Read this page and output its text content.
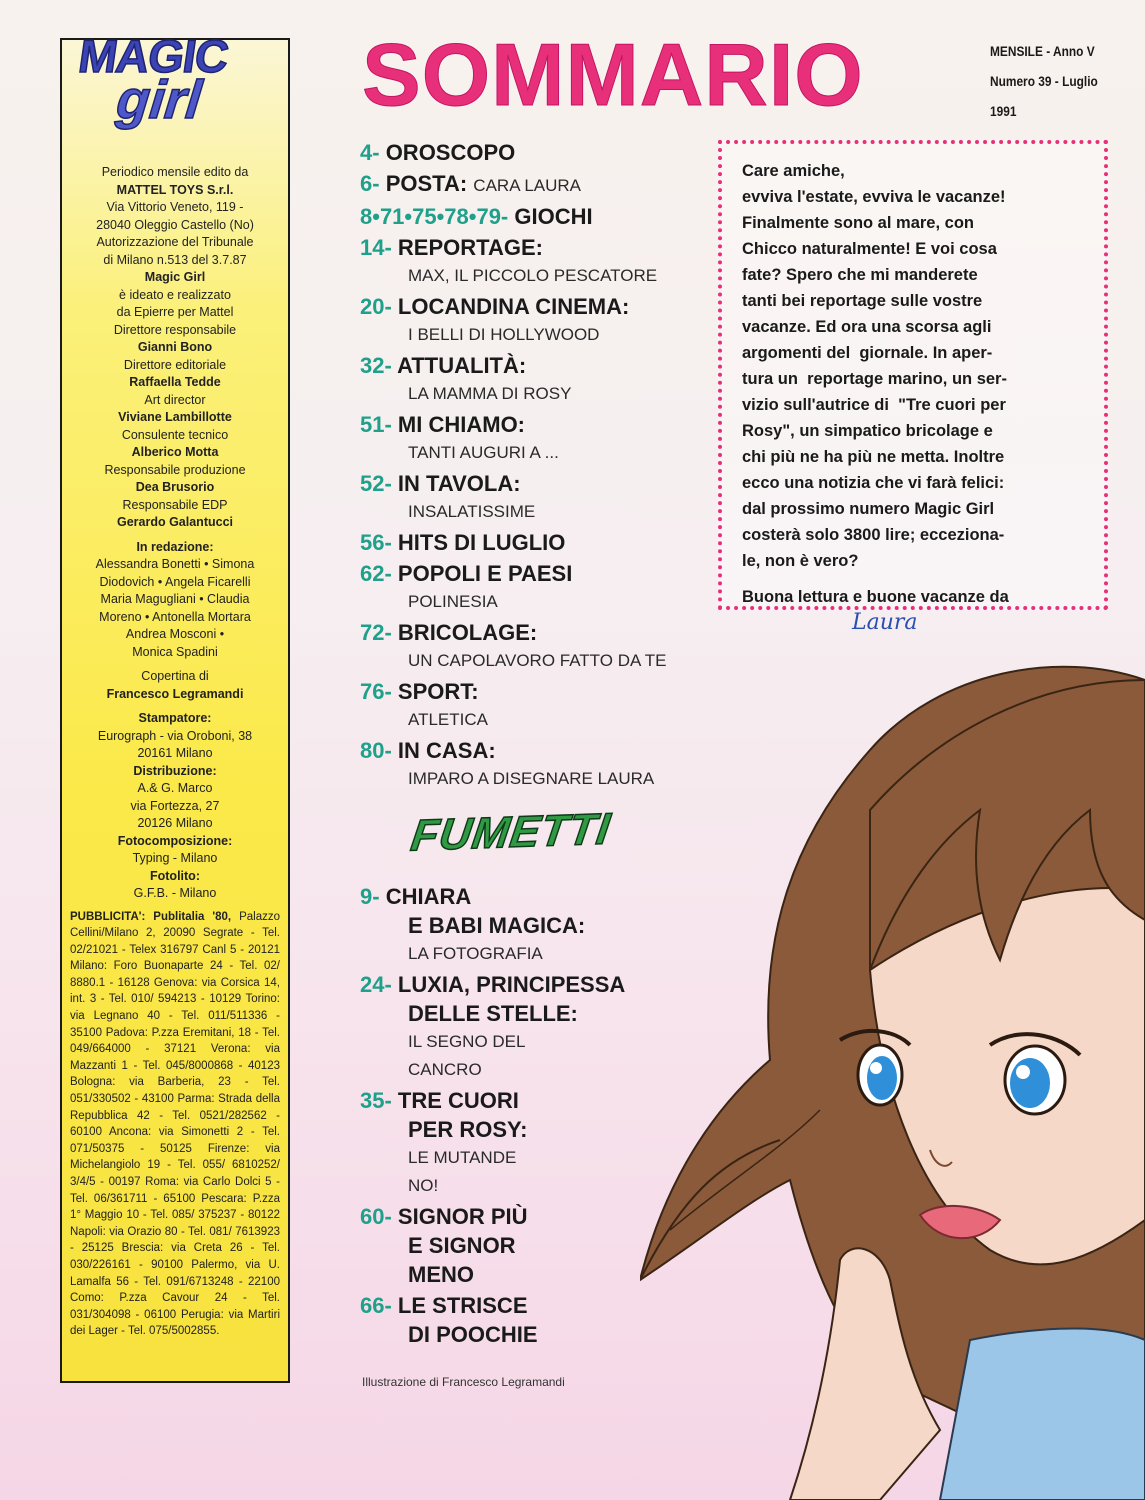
MAGIC
girl
Periodico mensile edito da
MATTEL TOYS S.r.l.
Via Vittorio Veneto, 119 -
28040 Oleggio Castello (No)
Autorizzazione del Tribunale
di Milano n.513 del 3.7.87
Magic Girl
è ideato e realizzato
da Epierre per Mattel
Direttore responsabile
Gianni Bono
Direttore editoriale
Raffaella Tedde
Art director
Viviane Lambillotte
Consulente tecnico
Alberico Motta
Responsabile produzione
Dea Brusorio
Responsabile EDP
Gerardo Galantucci
In redazione:
Alessandra Bonetti • Simona
Diodovich • Angela Ficarelli
Maria Magugliani • Claudia
Moreno • Antonella Mortara
Andrea Mosconi •
Monica Spadini
Copertina di
Francesco Legramandi
Stampatore:
Eurograph - via Oroboni, 38
20161 Milano
Distribuzione:
A.& G. Marco
via Fortezza, 27
20126 Milano
Fotocomposizione:
Typing - Milano
Fotolito:
G.F.B. - Milano
PUBBLICITA': Publitalia '80, Palazzo Cellini/Milano 2, 20090 Segrate - Tel. 02/21021 - Telex 316797 Canl 5 - 20121 Milano: Foro Buonaparte 24 - Tel. 02/ 8880.1 - 16128 Genova: via Corsica 14, int. 3 - Tel. 010/ 594213 - 10129 Torino: via Legnano 40 - Tel. 011/511336 - 35100 Padova: P.zza Eremitani, 18 - Tel. 049/664000 - 37121 Verona: via Mazzanti 1 - Tel. 045/8000868 - 40123 Bologna: via Barberia, 23 - Tel. 051/330502 - 43100 Parma: Strada della Repubblica 42 - Tel. 0521/282562 - 60100 Ancona: via Simonetti 2 - Tel. 071/50375 - 50125 Firenze: via Michelangiolo 19 - Tel. 055/ 6810252/ 3/4/5 - 00197 Roma: via Carlo Dolci 5 - Tel. 06/361711 - 65100 Pescara: P.zza 1° Maggio 10 - Tel. 085/ 375237 - 80122 Napoli: via Orazio 80 - Tel. 081/ 7613923 - 25125 Brescia: via Creta 26 - Tel. 030/226161 - 90100 Palermo, via U. Lamalfa 56 - Tel. 091/6713248 - 22100 Como: P.zza Cavour 24 - Tel. 031/304098 - 06100 Perugia: via Martiri dei Lager - Tel. 075/5002855.
SOMMARIO	MENSILE - Anno V
Numero 39 - Luglio 1991
4- OROSCOPO
6- POSTA: CARA LAURA
8•71•75•78•79- GIOCHI
14- REPORTAGE:
MAX, IL PICCOLO PESCATORE
20- LOCANDINA CINEMA:
I BELLI DI HOLLYWOOD
32- ATTUALITÀ:
LA MAMMA DI ROSY
51- MI CHIAMO:
TANTI AUGURI A ...
52- IN TAVOLA:
INSALATISSIME
56- HITS DI LUGLIO
62- POPOLI E PAESI
POLINESIA
72- BRICOLAGE:
UN CAPOLAVORO FATTO DA TE
76- SPORT:
ATLETICA
80- IN CASA:
IMPARO A DISEGNARE LAURA
FUMETTI
9- CHIARA
E BABI MAGICA:
LA FOTOGRAFIA
24- LUXIA, PRINCIPESSA
DELLE STELLE:
IL SEGNO DEL
CANCRO
35- TRE CUORI
PER ROSY:
LE MUTANDE
NO!
60- SIGNOR PIÙ
E SIGNOR
MENO
66- LE STRISCE
DI POOCHIE
Care amiche,
evviva l'estate, evviva le vacanze!
Finalmente sono al mare, con
Chicco naturalmente! E voi cosa
fate? Spero che mi manderete
tanti bei reportage sulle vostre
vacanze. Ed ora una scorsa agli
argomenti del  giornale. In aper-
tura un  reportage marino, un ser-
vizio sull'autrice di  "Tre cuori per
Rosy", un simpatico bricolage e
chi più ne ha più ne metta. Inoltre
ecco una notizia che vi farà felici:
dal prossimo numero Magic Girl
costerà solo 3800 lire; eccezionа-
le, non è vero?
Buona lettura e buone vacanze da
Laura
Illustrazione di Francesco Legramandi
